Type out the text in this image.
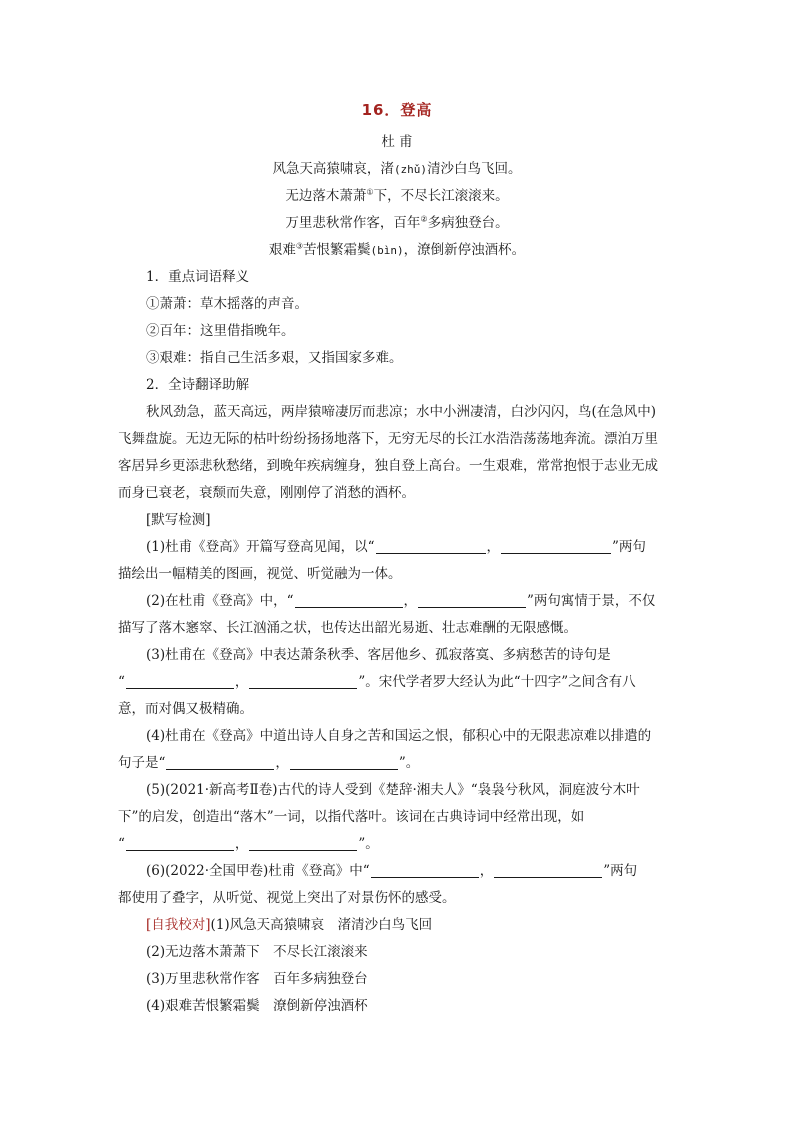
16．登高
杜 甫
风急天高猿啸哀，渚(zhǔ)清沙白鸟飞回。
无边落木萧萧①下，不尽长江滚滚来。
万里悲秋常作客，百年②多病独登台。
艰难③苦恨繁霜鬓(bìn)，潦倒新停浊酒杯。
1．重点词语释义
①萧萧：草木摇落的声音。
②百年：这里借指晚年。
③艰难：指自己生活多艰，又指国家多难。
2．全诗翻译助解
秋风劲急，蓝天高远，两岸猿啼凄厉而悲凉；水中小洲凄清，白沙闪闪，鸟(在急风中)
飞舞盘旋。无边无际的枯叶纷纷扬扬地落下，无穷无尽的长江水浩浩荡荡地奔流。漂泊万里
客居异乡更添悲秋愁绪，到晚年疾病缠身，独自登上高台。一生艰难，常常抱恨于志业无成
而身已衰老，衰颓而失意，刚刚停了消愁的酒杯。
[默写检测]
(1)杜甫《登高》开篇写登高见闻，以“	，	”两句
描绘出一幅精美的图画，视觉、听觉融为一体。
(2)在杜甫《登高》中，“	，	”两句寓情于景，不仅
描写了落木窸窣、长江汹涌之状，也传达出韶光易逝、壮志难酬的无限感慨。
(3)杜甫在《登高》中表达萧条秋季、客居他乡、孤寂落寞、多病愁苦的诗句是
“	，	”。宋代学者罗大经认为此“十四字”之间含有八
意，而对偶又极精确。
(4)杜甫在《登高》中道出诗人自身之苦和国运之恨，郁积心中的无限悲凉难以排遣的
句子是“	，	”。
(5)(2021·新高考Ⅱ卷)古代的诗人受到《楚辞·湘夫人》“袅袅兮秋风，洞庭波兮木叶
下”的启发，创造出“落木”一词，以指代落叶。该词在古典诗词中经常出现，如
“	，	”。
(6)(2022·全国甲卷)杜甫《登高》中“	，	”两句
都使用了叠字，从听觉、视觉上突出了对景伤怀的感受。
[自我校对](1)风急天高猿啸哀　渚清沙白鸟飞回
(2)无边落木萧萧下　不尽长江滚滚来
(3)万里悲秋常作客　百年多病独登台
(4)艰难苦恨繁霜鬓　潦倒新停浊酒杯
